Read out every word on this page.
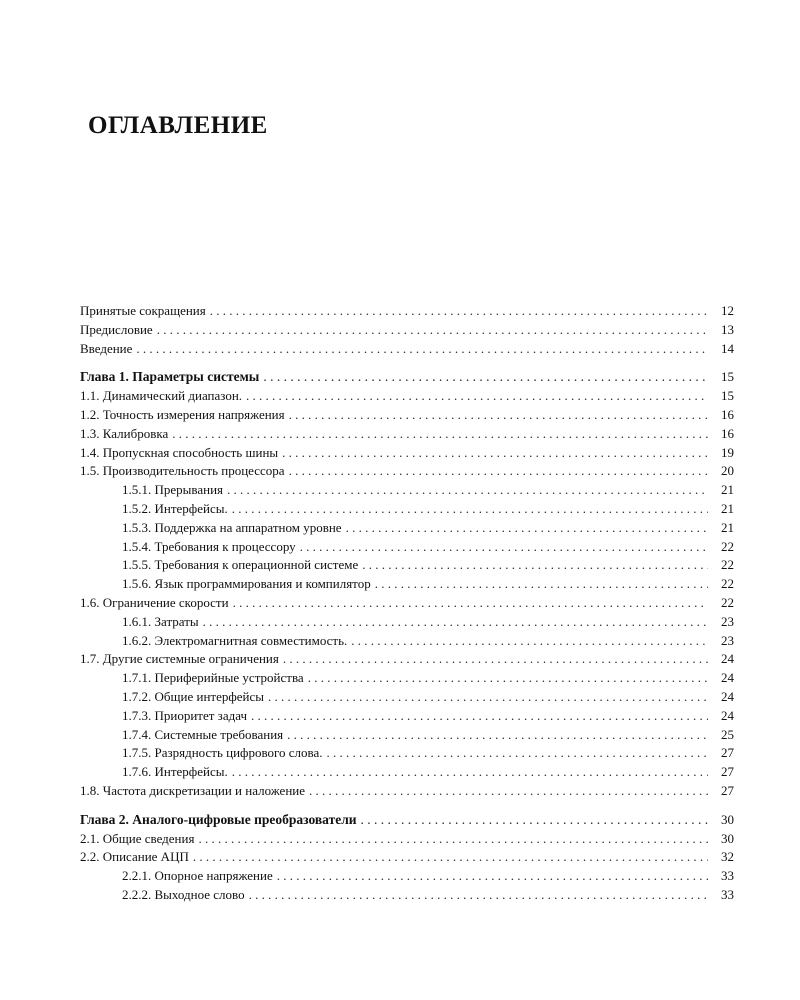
ОГЛАВЛЕНИЕ
Принятые сокращения . . .	12
Предисловие . . .	13
Введение . . .	14
Глава 1. Параметры системы . . .	15
1.1. Динамический диапазон. . . .	15
1.2. Точность измерения напряжения . . .	16
1.3. Калибровка . . .	16
1.4. Пропускная способность шины . . .	19
1.5. Производительность процессора . . .	20
1.5.1. Прерывания . . .	21
1.5.2. Интерфейсы. . . .	21
1.5.3. Поддержка на аппаратном уровне . . .	21
1.5.4. Требования к процессору . . .	22
1.5.5. Требования к операционной системе . . .	22
1.5.6. Язык программирования и компилятор . . .	22
1.6. Ограничение скорости . . .	22
1.6.1. Затраты . . .	23
1.6.2. Электромагнитная совместимость. . . .	23
1.7. Другие системные ограничения . . .	24
1.7.1. Периферийные устройства . . .	24
1.7.2. Общие интерфейсы . . .	24
1.7.3. Приоритет задач . . .	24
1.7.4. Системные требования . . .	25
1.7.5. Разрядность цифрового слова. . . .	27
1.7.6. Интерфейсы. . . .	27
1.8. Частота дискретизации и наложение . . .	27
Глава 2. Аналого-цифровые преобразователи . . .	30
2.1. Общие сведения . . .	30
2.2. Описание АЦП . . .	32
2.2.1. Опорное напряжение . . .	33
2.2.2. Выходное слово . . .	33
